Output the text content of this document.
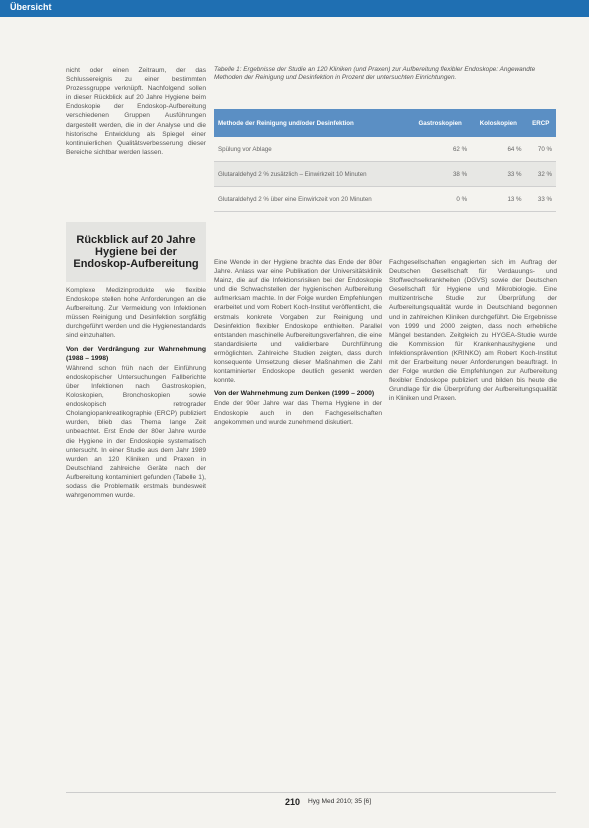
Übersicht

nicht oder einen Zeitraum, der das Schlussereignis zu einer bestimmten Prozessgruppe verknüpft. Nachfolgend sollen in dieser Rückblick auf 20 Jahre Hygiene beim Endoskopie der Endoskop-Aufbereitung verschiedenen Gruppen Ausführungen dargestellt werden, die in der Analyse und die historische Entwicklung als Spiegel einer kontinuierlichen Qualitätsverbesserung dieser Bereiche sichtbar werden lassen.

Rückblick auf 20 Jahre Hygiene bei der Endoskop-Aufbereitung

Komplexe Medizinprodukte wie flexible Endoskope stellen hohe Anforderungen an die Aufbereitung. Zur Vermeidung von Infektionen müssen Reinigung und Desinfektion sorgfältig durchgeführt werden und die Hygienestandards sind einzuhalten.

Von der Verdrängung zur Wahrnehmung (1988 – 1998)

Während schon früh nach der Einführung endoskopischer Untersuchungen Fallberichte über Infektionen nach Gastroskopien, Koloskopien, Bronchoskopien sowie endoskopisch retrograder Cholangiopankreatikographie (ERCP) publiziert wurden, blieb das Thema lange Zeit unbeachtet. Erst Ende der 80er Jahre wurde die Hygiene in der Endoskopie systematisch untersucht. In einer Studie aus dem Jahr 1989 wurden an 120 Kliniken und Praxen in Deutschland zahlreiche Geräte nach der Aufbereitung kontaminiert gefunden (Tabelle 1), sodass die Problematik erstmals bundesweit wahrgenommen wurde.

Tabelle 1: Ergebnisse der Studie an 120 Kliniken (und Praxen) zur Aufbereitung flexibler Endoskope: Angewandte Methoden der Reinigung und Desinfektion in Prozent der untersuchten Einrichtungen.
Methode der Reinigung und/oder Desinfektion	Gastroskopien	Koloskopien	ERCP
Spülung vor Ablage	62 %	64 %	70 %
Glutaraldehyd 2 % zusätzlich – Einwirkzeit 10 Minuten	38 %	33 %	32 %
Glutaraldehyd 2 % über eine Einwirkzeit von 20 Minuten	0 %	13 %	33 %

Eine Wende in der Hygiene brachte das Ende der 80er Jahre. Anlass war eine Publikation der Universitätsklinik Mainz, die auf die Infektionsrisiken bei der Endoskopie und die Schwachstellen der hygienischen Aufbereitung aufmerksam machte. In der Folge wurden Empfehlungen erarbeitet und vom Robert Koch-Institut veröffentlicht, die erstmals konkrete Vorgaben zur Reinigung und Desinfektion flexibler Endoskope enthielten. Parallel entstanden maschinelle Aufbereitungsverfahren, die eine standardisierte und validierbare Durchführung ermöglichten. Zahlreiche Studien zeigten, dass durch konsequente Umsetzung dieser Maßnahmen die Zahl kontaminierter Endoskope deutlich gesenkt werden konnte.

Von der Wahrnehmung zum Denken (1999 – 2000)

Ende der 90er Jahre war das Thema Hygiene in der Endoskopie auch in den Fachgesellschaften angekommen und wurde zunehmend diskutiert.

Fachgesellschaften engagierten sich im Auftrag der Deutschen Gesellschaft für Verdauungs- und Stoffwechselkrankheiten (DGVS) sowie der Deutschen Gesellschaft für Hygiene und Mikrobiologie. Eine multizentrische Studie zur Überprüfung der Aufbereitungsqualität wurde in Deutschland begonnen und in zahlreichen Kliniken durchgeführt. Die Ergebnisse von 1999 und 2000 zeigten, dass noch erhebliche Mängel bestanden. Zeitgleich zu HYGEA-Studie wurde die Kommission für Krankenhaushygiene und Infektionsprävention (KRINKO) am Robert Koch-Institut mit der Erarbeitung neuer Anforderungen beauftragt. In der Folge wurden die Empfehlungen zur Aufbereitung flexibler Endoskope publiziert und bilden bis heute die Grundlage für die Überprüfung der Aufbereitungsqualität in Kliniken und Praxen.

210 Hyg Med 2010; 35 [6]
